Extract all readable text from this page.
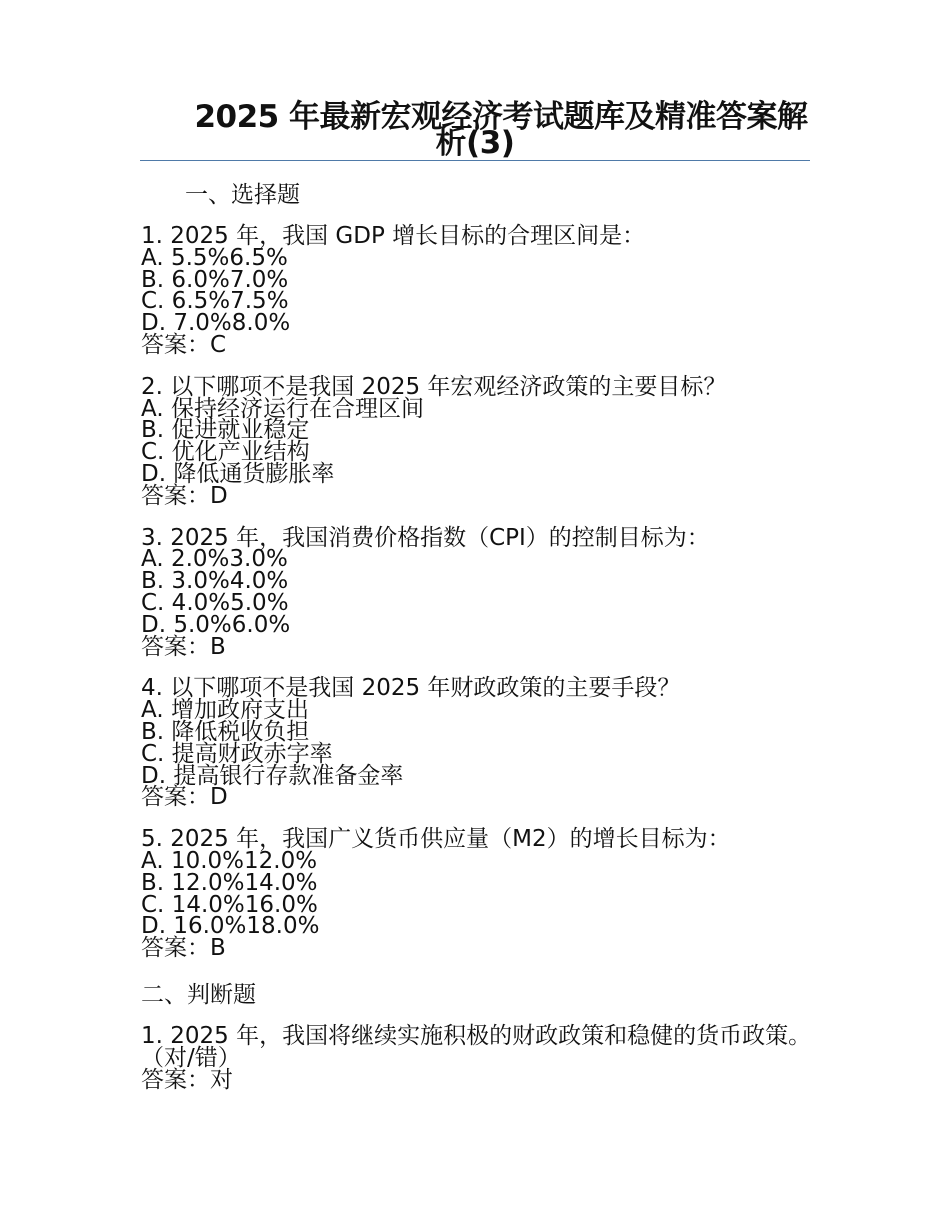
2025 年最新宏观经济考试题库及精准答案解析(3)
一、选择题
1. 2025 年，我国 GDP 增长目标的合理区间是：
A. 5.5%6.5%
B. 6.0%7.0%
C. 6.5%7.5%
D. 7.0%8.0%
答案：C
2. 以下哪项不是我国 2025 年宏观经济政策的主要目标？
A. 保持经济运行在合理区间
B. 促进就业稳定
C. 优化产业结构
D. 降低通货膨胀率
答案：D
3. 2025 年，我国消费价格指数（CPI）的控制目标为：
A. 2.0%3.0%
B. 3.0%4.0%
C. 4.0%5.0%
D. 5.0%6.0%
答案：B
4. 以下哪项不是我国 2025 年财政政策的主要手段？
A. 增加政府支出
B. 降低税收负担
C. 提高财政赤字率
D. 提高银行存款准备金率
答案：D
5. 2025 年，我国广义货币供应量（M2）的增长目标为：
A. 10.0%12.0%
B. 12.0%14.0%
C. 14.0%16.0%
D. 16.0%18.0%
答案：B
二、判断题
1. 2025 年，我国将继续实施积极的财政政策和稳健的货币政策。（对/错）
答案：对
